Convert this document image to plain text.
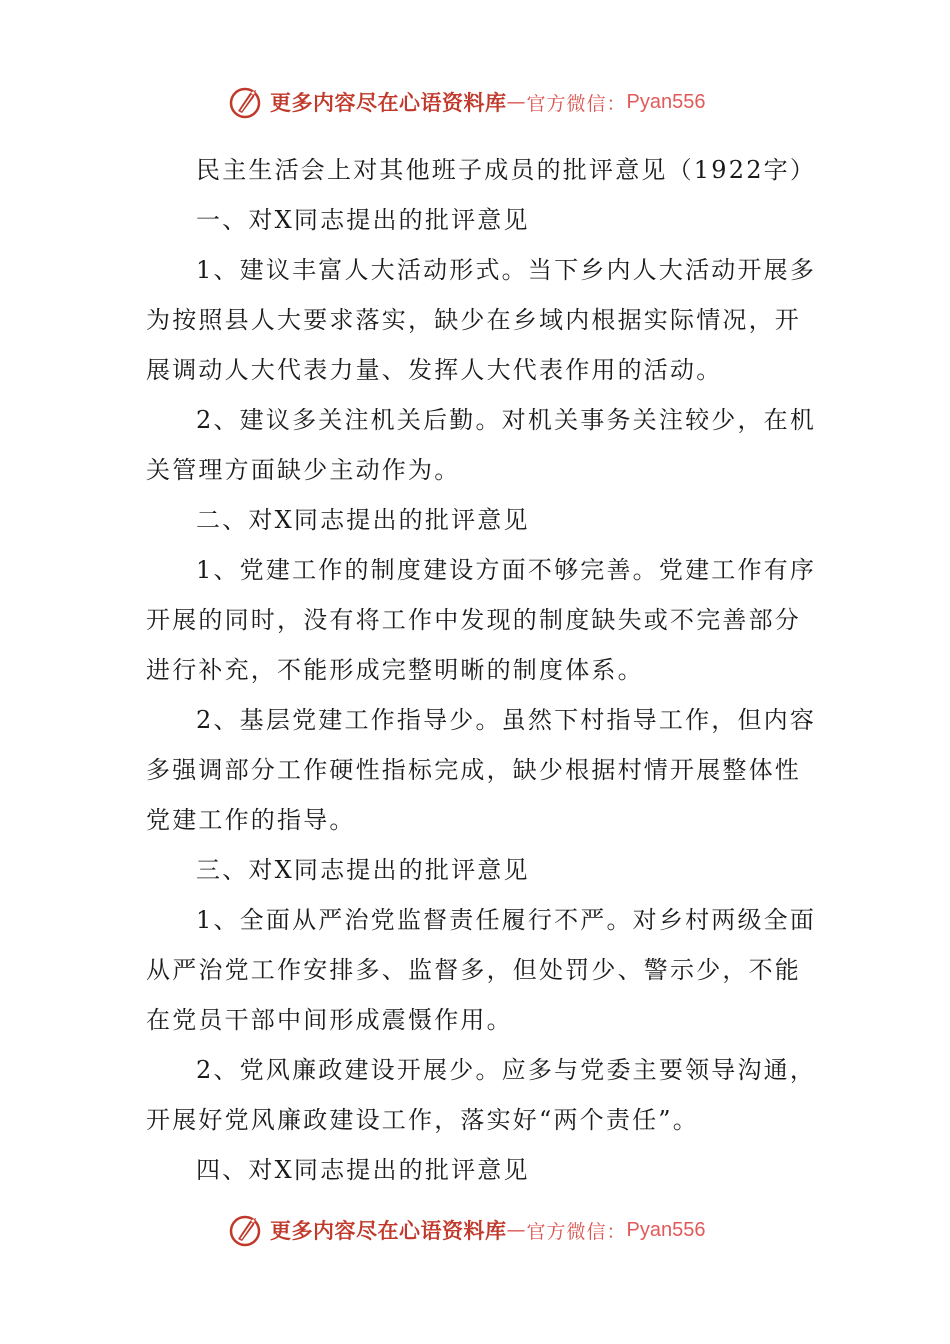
更多内容尽在心语资料库 — 官方微信： Pyan556
民主生活会上对其他班子成员的批评意见（1922字）
一、对X同志提出的批评意见
1、建议丰富人大活动形式。当下乡内人大活动开展多
为按照县人大要求落实，缺少在乡域内根据实际情况，开
展调动人大代表力量、发挥人大代表作用的活动。
2、建议多关注机关后勤。对机关事务关注较少，在机
关管理方面缺少主动作为。
二、对X同志提出的批评意见
1、党建工作的制度建设方面不够完善。党建工作有序
开展的同时，没有将工作中发现的制度缺失或不完善部分
进行补充，不能形成完整明晰的制度体系。
2、基层党建工作指导少。虽然下村指导工作，但内容
多强调部分工作硬性指标完成，缺少根据村情开展整体性
党建工作的指导。
三、对X同志提出的批评意见
1、全面从严治党监督责任履行不严。对乡村两级全面
从严治党工作安排多、监督多，但处罚少、警示少，不能
在党员干部中间形成震慑作用。
2、党风廉政建设开展少。应多与党委主要领导沟通，
开展好党风廉政建设工作，落实好“两个责任”。
四、对X同志提出的批评意见
更多内容尽在心语资料库 — 官方微信： Pyan556
